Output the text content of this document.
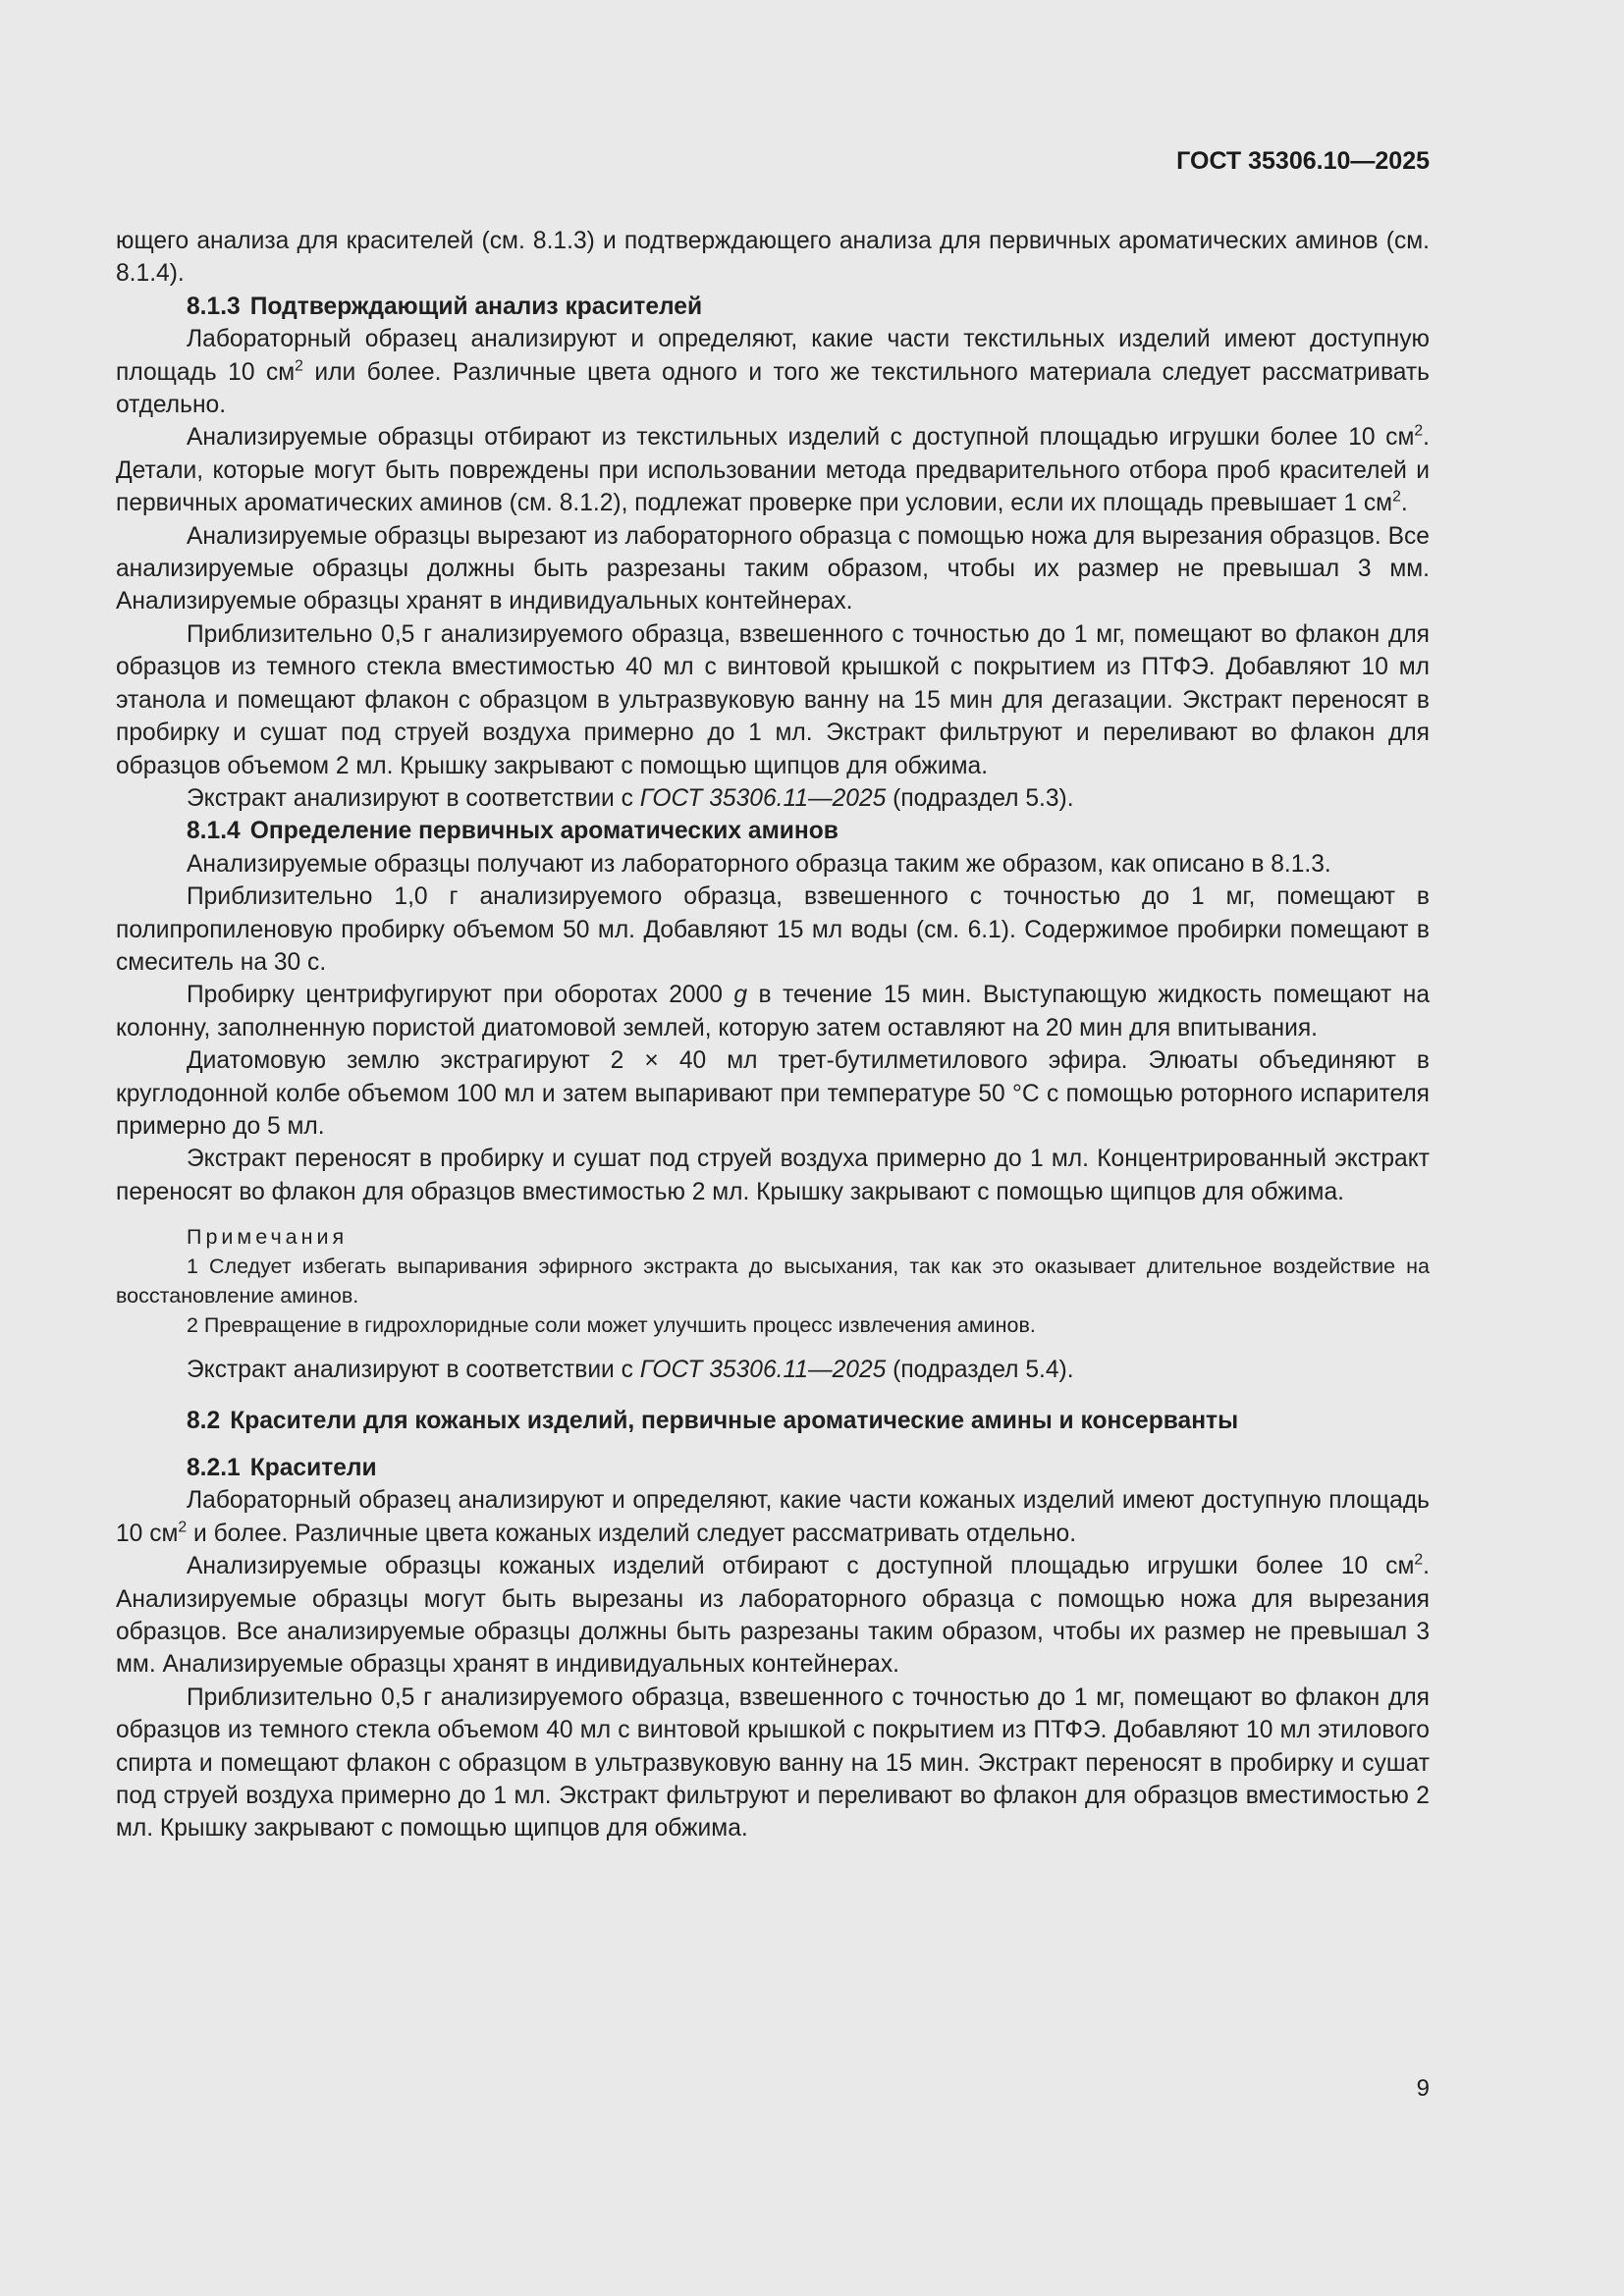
ГОСТ 35306.10—2025

ющего анализа для красителей (см. 8.1.3) и подтверждающего анализа для первичных ароматических аминов (см. 8.1.4).

8.1.3 Подтверждающий анализ красителей

Лабораторный образец анализируют и определяют, какие части текстильных изделий имеют доступную площадь 10 $см^2$ или более. Различные цвета одного и того же текстильного материала следует рассматривать отдельно.

Анализируемые образцы отбирают из текстильных изделий с доступной площадью игрушки более 10 $см^2$. Детали, которые могут быть повреждены при использовании метода предварительного отбора проб красителей и первичных ароматических аминов (см. 8.1.2), подлежат проверке при условии, если их площадь превышает 1 $см^2$.

Анализируемые образцы вырезают из лабораторного образца с помощью ножа для вырезания образцов. Все анализируемые образцы должны быть разрезаны таким образом, чтобы их размер не превышал 3 мм. Анализируемые образцы хранят в индивидуальных контейнерах.

Приблизительно 0,5 г анализируемого образца, взвешенного с точностью до 1 мг, помещают во флакон для образцов из темного стекла вместимостью 40 мл с винтовой крышкой с покрытием из ПТФЭ. Добавляют 10 мл этанола и помещают флакон с образцом в ультразвуковую ванну на 15 мин для дегазации. Экстракт переносят в пробирку и сушат под струей воздуха примерно до 1 мл. Экстракт фильтруют и переливают во флакон для образцов объемом 2 мл. Крышку закрывают с помощью щипцов для обжима.

Экстракт анализируют в соответствии с ГОСТ 35306.11—2025 (подраздел 5.3).

8.1.4 Определение первичных ароматических аминов

Анализируемые образцы получают из лабораторного образца таким же образом, как описано в 8.1.3.

Приблизительно 1,0 г анализируемого образца, взвешенного с точностью до 1 мг, помещают в полипропиленовую пробирку объемом 50 мл. Добавляют 15 мл воды (см. 6.1). Содержимое пробирки помещают в смеситель на 30 с.

Пробирку центрифугируют при оборотах 2000 g в течение 15 мин. Выступающую жидкость помещают на колонну, заполненную пористой диатомовой землей, которую затем оставляют на 20 мин для впитывания.

Диатомовую землю экстрагируют 2 × 40 мл трет-бутилметилового эфира. Элюаты объединяют в круглодонной колбе объемом 100 мл и затем выпаривают при температуре 50 °С с помощью роторного испарителя примерно до 5 мл.

Экстракт переносят в пробирку и сушат под струей воздуха примерно до 1 мл. Концентрированный экстракт переносят во флакон для образцов вместимостью 2 мл. Крышку закрывают с помощью щипцов для обжима.

Примечания

1 Следует избегать выпаривания эфирного экстракта до высыхания, так как это оказывает длительное воздействие на восстановление аминов.

2 Превращение в гидрохлоридные соли может улучшить процесс извлечения аминов.

Экстракт анализируют в соответствии с ГОСТ 35306.11—2025 (подраздел 5.4).

8.2 Красители для кожаных изделий, первичные ароматические амины и консерванты

8.2.1 Красители

Лабораторный образец анализируют и определяют, какие части кожаных изделий имеют доступную площадь 10 $см^2$ и более. Различные цвета кожаных изделий следует рассматривать отдельно.

Анализируемые образцы кожаных изделий отбирают с доступной площадью игрушки более 10 $см^2$. Анализируемые образцы могут быть вырезаны из лабораторного образца с помощью ножа для вырезания образцов. Все анализируемые образцы должны быть разрезаны таким образом, чтобы их размер не превышал 3 мм. Анализируемые образцы хранят в индивидуальных контейнерах.

Приблизительно 0,5 г анализируемого образца, взвешенного с точностью до 1 мг, помещают во флакон для образцов из темного стекла объемом 40 мл с винтовой крышкой с покрытием из ПТФЭ. Добавляют 10 мл этилового спирта и помещают флакон с образцом в ультразвуковую ванну на 15 мин. Экстракт переносят в пробирку и сушат под струей воздуха примерно до 1 мл. Экстракт фильтруют и переливают во флакон для образцов вместимостью 2 мл. Крышку закрывают с помощью щипцов для обжима.

9
